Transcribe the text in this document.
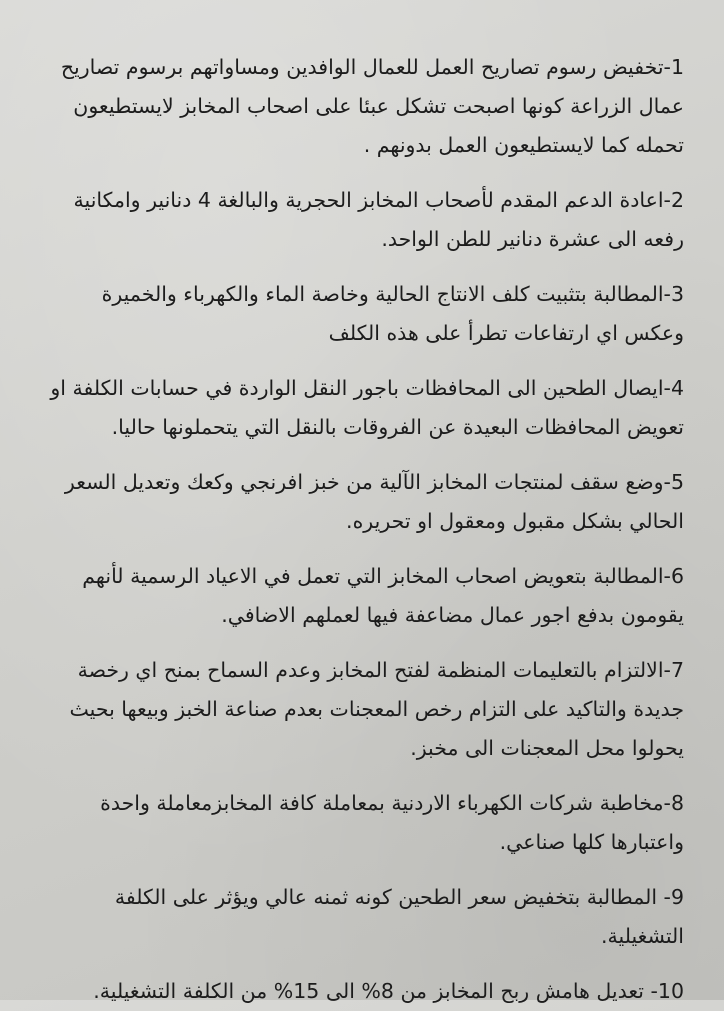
1-تخفيض رسوم تصاريح العمل للعمال الوافدين ومساواتهم برسوم تصاريح عمال الزراعة كونها اصبحت تشكل عبئا على اصحاب المخابز لايستطيعون تحمله كما لايستطيعون العمل بدونهم .

2-اعادة الدعم المقدم لأصحاب المخابز الحجرية والبالغة 4 دنانير وامكانية رفعه الى عشرة دنانير للطن الواحد.

3-المطالبة بتثبيت كلف الانتاج الحالية وخاصة الماء والكهرباء والخميرة وعكس اي ارتفاعات تطرأ على هذه الكلف

4-ايصال الطحين الى المحافظات باجور النقل الواردة في حسابات الكلفة او تعويض المحافظات البعيدة عن الفروقات بالنقل التي يتحملونها حاليا.

5-وضع سقف لمنتجات المخابز الآلية من خبز افرنجي وكعك وتعديل السعر الحالي بشكل مقبول ومعقول او تحريره.

6-المطالبة بتعويض اصحاب المخابز التي تعمل في الاعياد الرسمية لأنهم يقومون بدفع اجور عمال مضاعفة فيها لعملهم الاضافي.

7-الالتزام بالتعليمات المنظمة لفتح المخابز وعدم السماح بمنح اي رخصة جديدة والتاكيد على التزام رخص المعجنات بعدم صناعة الخبز وبيعها بحيث يحولوا محل المعجنات الى مخبز.

8-مخاطبة شركات الكهرباء الاردنية بمعاملة كافة المخابزمعاملة واحدة واعتبارها كلها صناعي.

9- المطالبة بتخفيض سعر الطحين كونه ثمنه عالي ويؤثر على الكلفة التشغيلية.

10- تعديل هامش ربح المخابز من 8% الى 15% من الكلفة التشغيلية.
